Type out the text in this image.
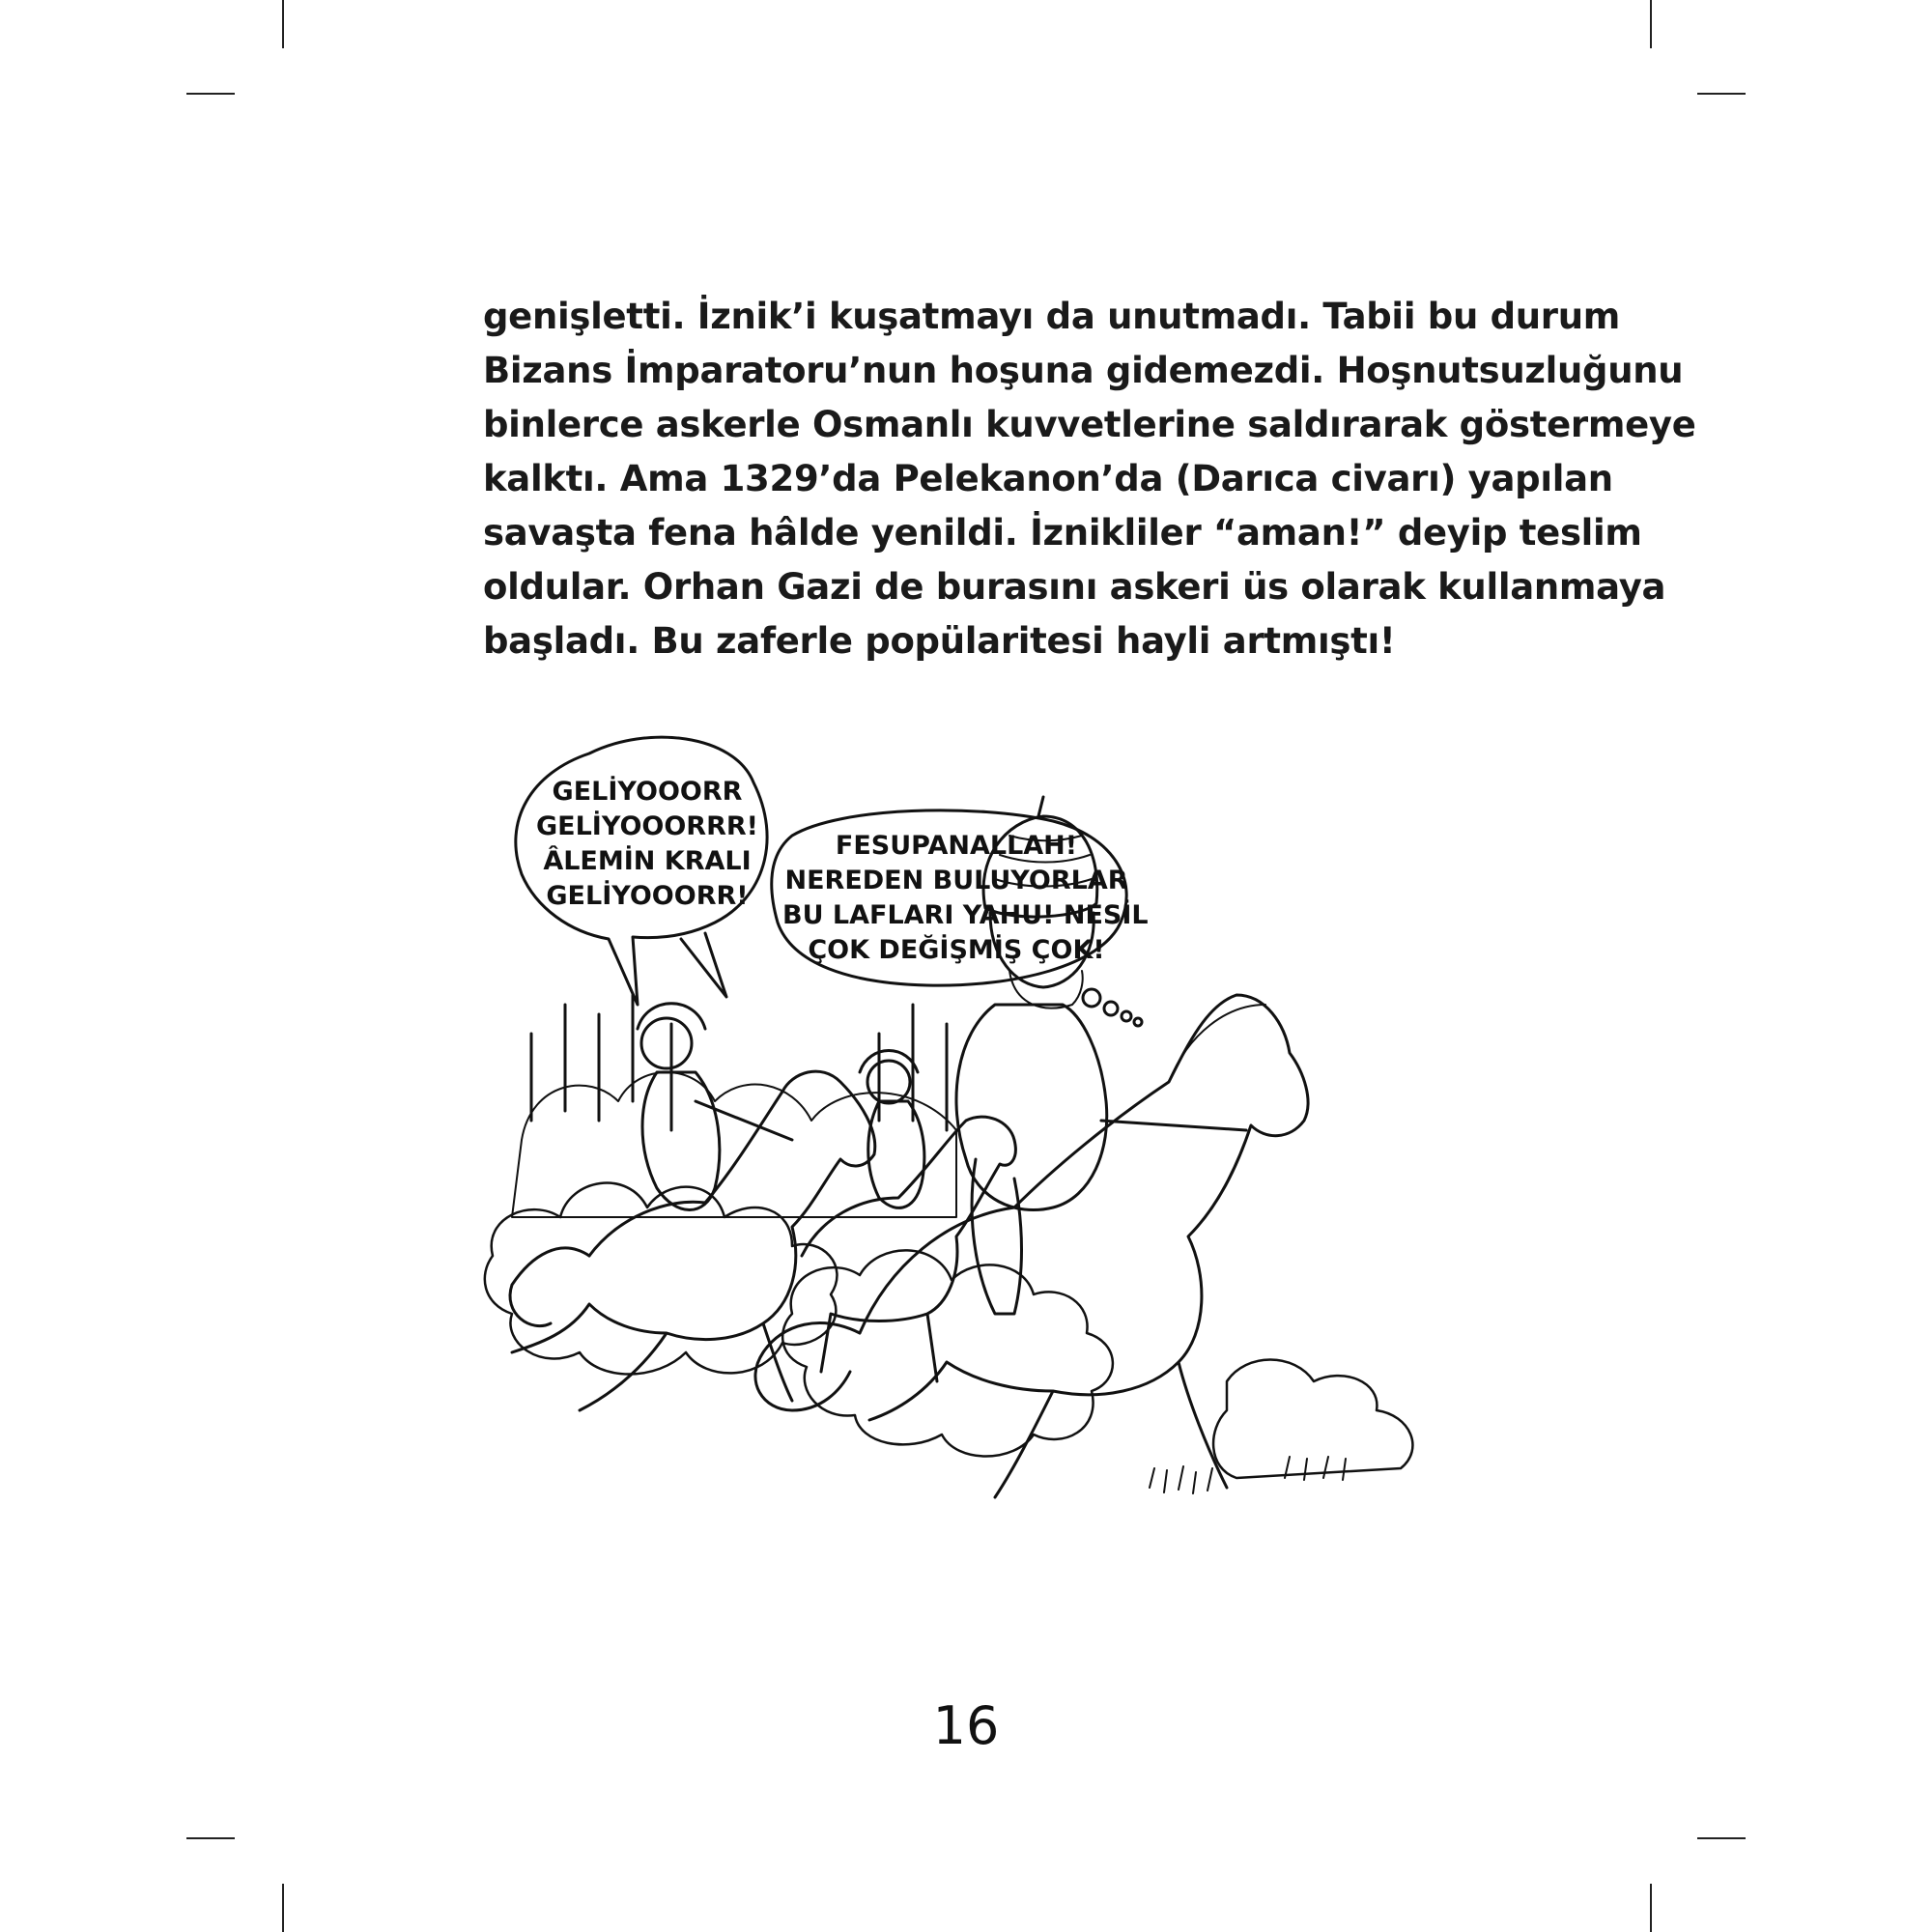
genişletti. İznik’i kuşatmayı da unutmadı. Tabii bu durum
Bizans İmparatoru’nun hoşuna gidemezdi. Hoşnutsuzluğunu
binlerce askerle Osmanlı kuvvetlerine saldırarak göstermeye
kalktı. Ama 1329’da Pelekanon’da (Darıca civarı) yapılan
savaşta fena hâlde yenildi. İznikliler “aman!” deyip teslim
oldular. Orhan Gazi de burasını askeri üs olarak kullanmaya
başladı. Bu zaferle popülaritesi hayli artmıştı!

GELİYOOORR
GELİYOOORRR!
ÂLEMİN KRALI
GELİYOOORR!
FESUPANALLAH!
NEREDEN BULUYORLAR
BU LAFLARI YAHU! NESİL
ÇOK DEĞİŞMİŞ ÇOK!
16
